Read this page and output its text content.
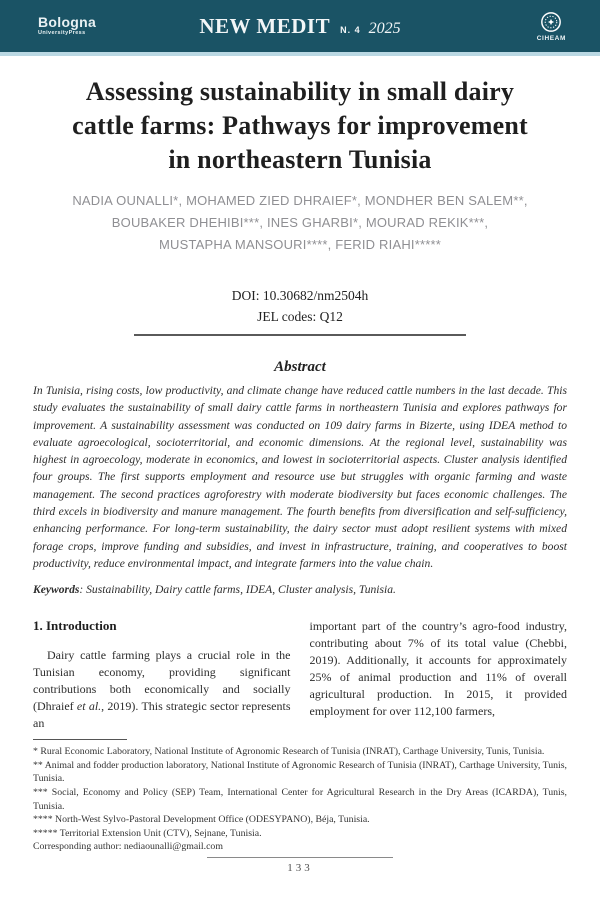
Bologna
UniversityPress	NEW MEDIT N. 4 2025
CIHEAM
Assessing sustainability in small dairy
cattle farms: Pathways for improvement
in northeastern Tunisia
NADIA OUNALLI*, MOHAMED ZIED DHRAIEF*, MONDHER BEN SALEM**,
BOUBAKER DHEHIBI***, INES GHARBI*, MOURAD REKIK***,
MUSTAPHA MANSOURI****, FERID RIAHI*****
DOI: 10.30682/nm2504h
JEL codes: Q12
Abstract

In Tunisia, rising costs, low productivity, and climate change have reduced cattle numbers in the last decade. This study evaluates the sustainability of small dairy cattle farms in northeastern Tunisia and explores pathways for improvement. A sustainability assessment was conducted on 109 dairy farms in Bizerte, using IDEA method to evaluate agroecological, socioterritorial, and economic dimensions. At the regional level, sustainability was highest in agroecology, moderate in economics, and lowest in socioterritorial aspects. Cluster analysis identified four groups. The first supports employment and resource use but struggles with organic farming and waste management. The second practices agroforestry with moderate biodiversity but faces economic challenges. The third excels in biodiversity and manure management. The fourth benefits from diversification and self-sufficiency, enhancing performance. For long-term sustainability, the dairy sector must adopt resilient systems with mixed forage crops, improve funding and subsidies, and invest in infrastructure, training, and cooperatives to boost productivity, reduce environmental impact, and integrate farmers into the value chain.

Keywords: Sustainability, Dairy cattle farms, IDEA, Cluster analysis, Tunisia.

1. Introduction

Dairy cattle farming plays a crucial role in the Tunisian economy, providing significant contributions both economically and socially (Dhraief et al., 2019). This strategic sector represents an

important part of the country’s agro-food industry, contributing about 7% of its total value (Chebbi, 2019). Additionally, it accounts for approximately 25% of animal production and 11% of overall agricultural production. In 2015, it provided employment for over 112,100 farmers,

* Rural Economic Laboratory, National Institute of Agronomic Research of Tunisia (INRAT), Carthage University, Tunis, Tunisia.

** Animal and fodder production laboratory, National Institute of Agronomic Research of Tunisia (INRAT), Carthage University, Tunis, Tunisia.

*** Social, Economy and Policy (SEP) Team, International Center for Agricultural Research in the Dry Areas (ICARDA), Tunis, Tunisia.

**** North-West Sylvo-Pastoral Development Office (ODESYPANO), Béja, Tunisia.

***** Territorial Extension Unit (CTV), Sejnane, Tunisia.

Corresponding author: nediaounalli@gmail.com

133
